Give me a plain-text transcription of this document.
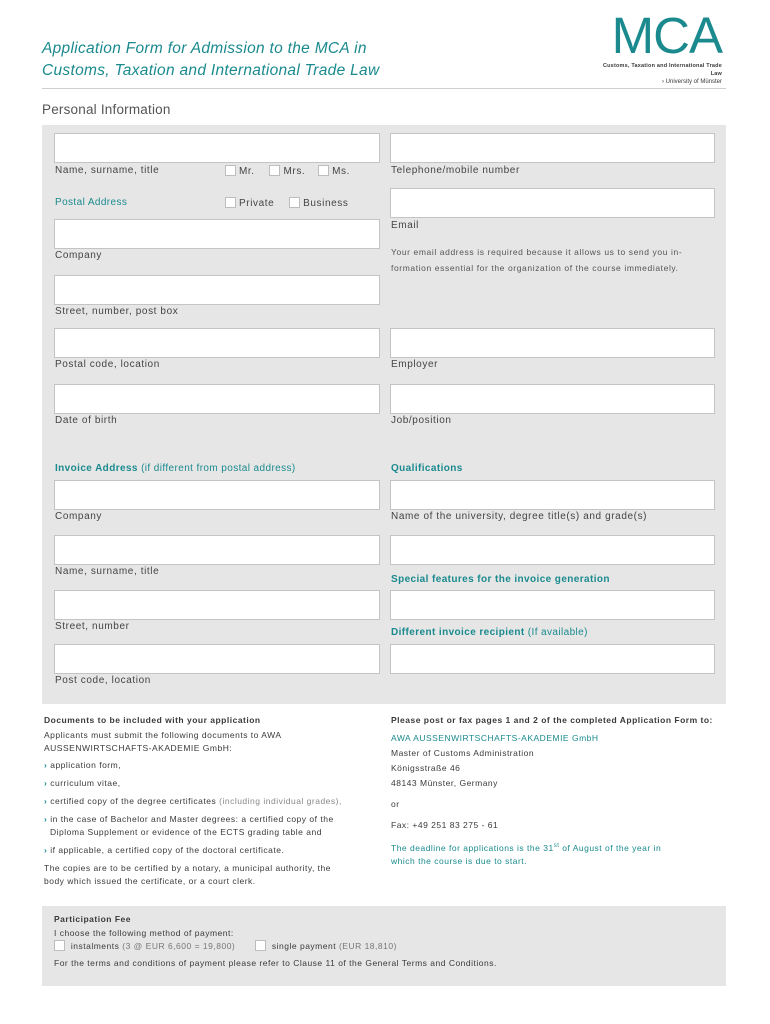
Application Form for Admission to the MCA in
Customs, Taxation and International Trade Law
MCA
Customs, Taxation and International Trade Law
› University of Münster
Personal Information
Name, surname, title	Mr.	Mrs.	Ms.
Postal Address	Private	Business
Company
Street, number, post box
Postal code, location
Date of birth
Invoice Address (if different from postal address)
Company
Name, surname, title
Street, number
Post code, location
Telephone/mobile number
Email
Your email address is required because it allows us to send you in-
formation essential for the organization of the course immediately.
Employer
Job/position
Qualifications
Name of the university, degree title(s) and grade(s)
Special features for the invoice generation
Different invoice recipient (If available)
Documents to be included with your application
Applicants must submit the following documents to AWA
AUSSENWIRTSCHAFTS-AKADEMIE GmbH:
› application form,
› curriculum vitae,
› certified copy of the degree certificates (including individual grades),
› in the case of Bachelor and Master degrees: a certified copy of the
Diploma Supplement or evidence of the ECTS grading table and
› if applicable, a certified copy of the doctoral certificate.
The copies are to be certified by a notary, a municipal authority, the
body which issued the certificate, or a court clerk.
Please post or fax pages 1 and 2 of the completed Application Form to:
AWA AUSSENWIRTSCHAFTS-AKADEMIE GmbH
Master of Customs Administration
Königsstraße 46
48143 Münster, Germany
or
Fax: +49 251 83 275 - 61
The deadline for applications is the 31st of August of the year in
which the course is due to start.
Participation Fee
I choose the following method of payment:
instalments (3 @ EUR 6,600 = 19,800)	single payment (EUR 18,810)
For the terms and conditions of payment please refer to Clause 11 of the General Terms and Conditions.
